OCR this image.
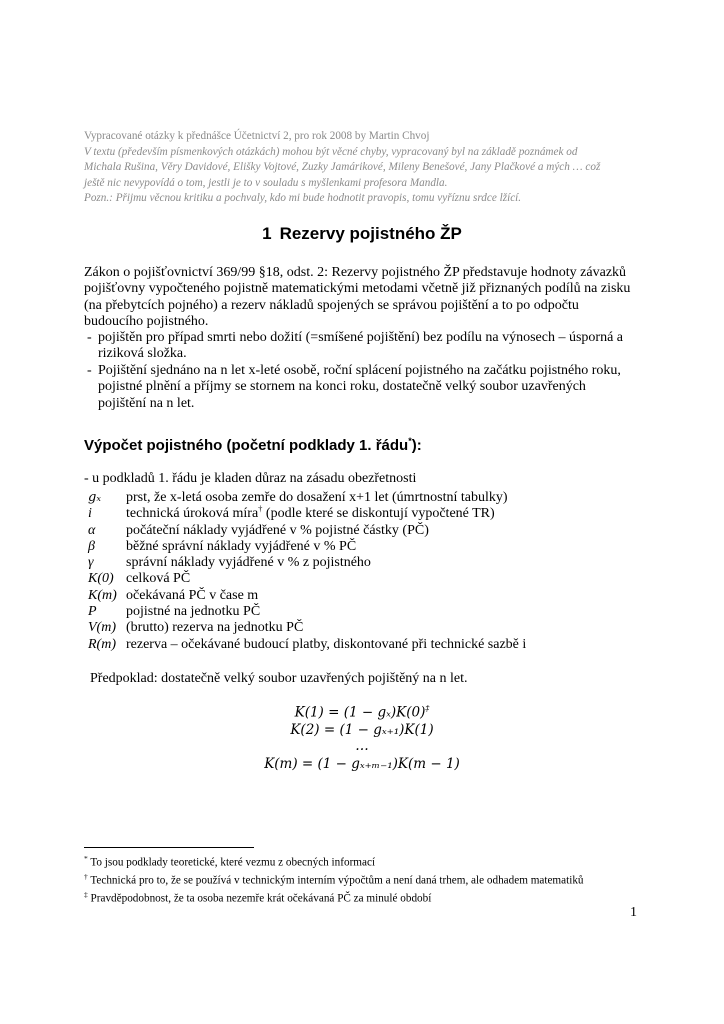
Vypracované otázky k přednášce Účetnictví 2, pro rok 2008 by Martin Chvoj
V textu (především písmenkových otázkách) mohou být věcné chyby, vypracovaný byl na základě poznámek od
Michala Rušina, Věry Davidové, Elišky Vojtové, Zuzky Jamárikové, Mileny Benešové, Jany Plačkové a mých … což
ještě nic nevypovídá o tom, jestli je to v souladu s myšlenkami profesora Mandla.
Pozn.: Přijmu věcnou kritiku a pochvaly, kdo mi bude hodnotit pravopis, tomu vyříznu srdce lžící.
1 Rezervy pojistného ŽP
Zákon o pojišťovnictví 369/99 §18, odst. 2: Rezervy pojistného ŽP představuje hodnoty závazků
pojišťovny vypočteného pojistně matematickými metodami včetně již přiznaných podílů na zisku
(na přebytcích pojného) a rezerv nákladů spojených se správou pojištění a to po odpočtu
budoucího pojistného.
- pojištěn pro případ smrti nebo dožití (=smíšené pojištění) bez podílu na výnosech – úsporná a
riziková složka.
- Pojištění sjednáno na n let x-leté osobě, roční splácení pojistného na začátku pojistného roku,
pojistné plnění a příjmy se stornem na konci roku, dostatečně velký soubor uzavřených
pojištění na n let.
Výpočet pojistného (početní podklady 1. řádu*):
- u podkladů 1. řádu je kladen důraz na zásadu obezřetnosti
gₓ prst, že x-letá osoba zemře do dosažení x+1 let (úmrtnostní tabulky)
i technická úroková míra† (podle které se diskontují vypočtené TR)
α počáteční náklady vyjádřené v % pojistné částky (PČ)
β běžné správní náklady vyjádřené v % PČ
γ správní náklady vyjádřené v % z pojistného
K(0) celková PČ
K(m) očekávaná PČ v čase m
P pojistné na jednotku PČ
V(m) (brutto) rezerva na jednotku PČ
R(m) rezerva – očekávané budoucí platby, diskontované při technické sazbě i
Předpoklad: dostatečně velký soubor uzavřených pojištěný na n let.
K(1) = (1 − gₓ)K(0)‡
K(2) = (1 − gₓ₊₁)K(1)
…
K(m) = (1 − gₓ₊ₘ₋₁)K(m − 1)
* To jsou podklady teoretické, které vezmu z obecných informací
† Technická pro to, že se používá v technickým interním výpočtům a není daná trhem, ale odhadem matematiků
‡ Pravděpodobnost, že ta osoba nezemře krát očekávaná PČ za minulé období
1
